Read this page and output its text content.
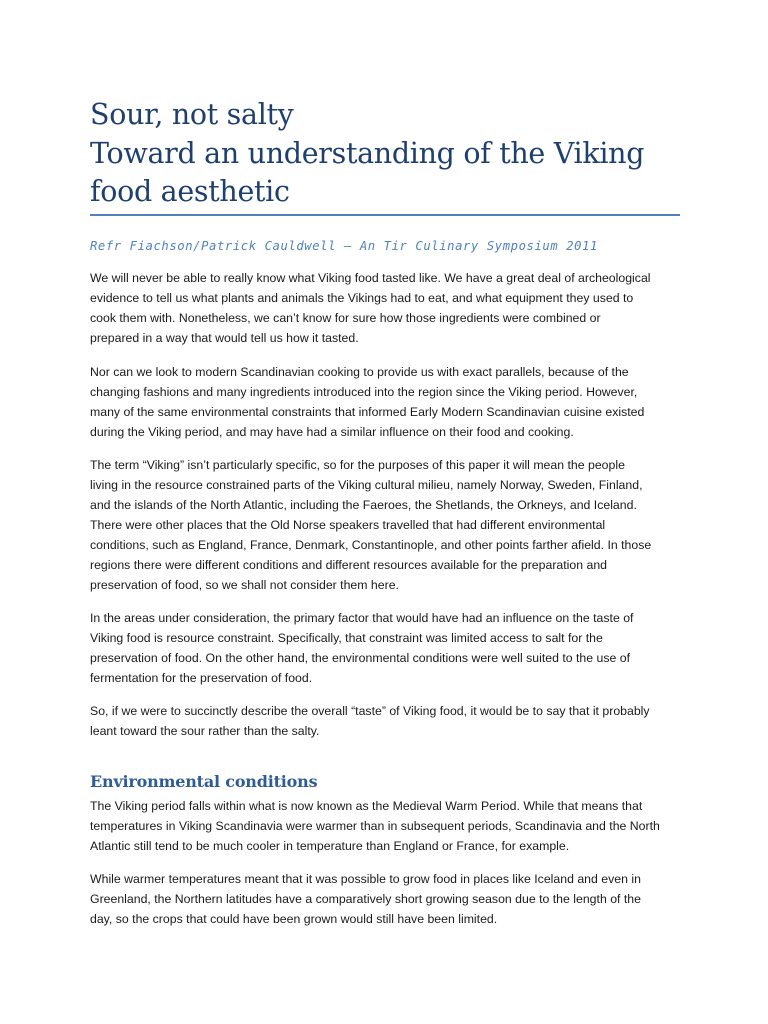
Sour, not salty
Toward an understanding of the Viking
food aesthetic
Refr Fiachson/Patrick Cauldwell – An Tir Culinary Symposium 2011
We will never be able to really know what Viking food tasted like. We have a great deal of archeological
evidence to tell us what plants and animals the Vikings had to eat, and what equipment they used to
cook them with. Nonetheless, we can’t know for sure how those ingredients were combined or
prepared in a way that would tell us how it tasted.
Nor can we look to modern Scandinavian cooking to provide us with exact parallels, because of the
changing fashions and many ingredients introduced into the region since the Viking period. However,
many of the same environmental constraints that informed Early Modern Scandinavian cuisine existed
during the Viking period, and may have had a similar influence on their food and cooking.
The term “Viking” isn’t particularly specific, so for the purposes of this paper it will mean the people
living in the resource constrained parts of the Viking cultural milieu, namely Norway, Sweden, Finland,
and the islands of the North Atlantic, including the Faeroes, the Shetlands, the Orkneys, and Iceland.
There were other places that the Old Norse speakers travelled that had different environmental
conditions, such as England, France, Denmark, Constantinople, and other points farther afield. In those
regions there were different conditions and different resources available for the preparation and
preservation of food, so we shall not consider them here.
In the areas under consideration, the primary factor that would have had an influence on the taste of
Viking food is resource constraint. Specifically, that constraint was limited access to salt for the
preservation of food. On the other hand, the environmental conditions were well suited to the use of
fermentation for the preservation of food.
So, if we were to succinctly describe the overall “taste” of Viking food, it would be to say that it probably
leant toward the sour rather than the salty.
Environmental conditions
The Viking period falls within what is now known as the Medieval Warm Period. While that means that
temperatures in Viking Scandinavia were warmer than in subsequent periods, Scandinavia and the North
Atlantic still tend to be much cooler in temperature than England or France, for example.
While warmer temperatures meant that it was possible to grow food in places like Iceland and even in
Greenland, the Northern latitudes have a comparatively short growing season due to the length of the
day, so the crops that could have been grown would still have been limited.
